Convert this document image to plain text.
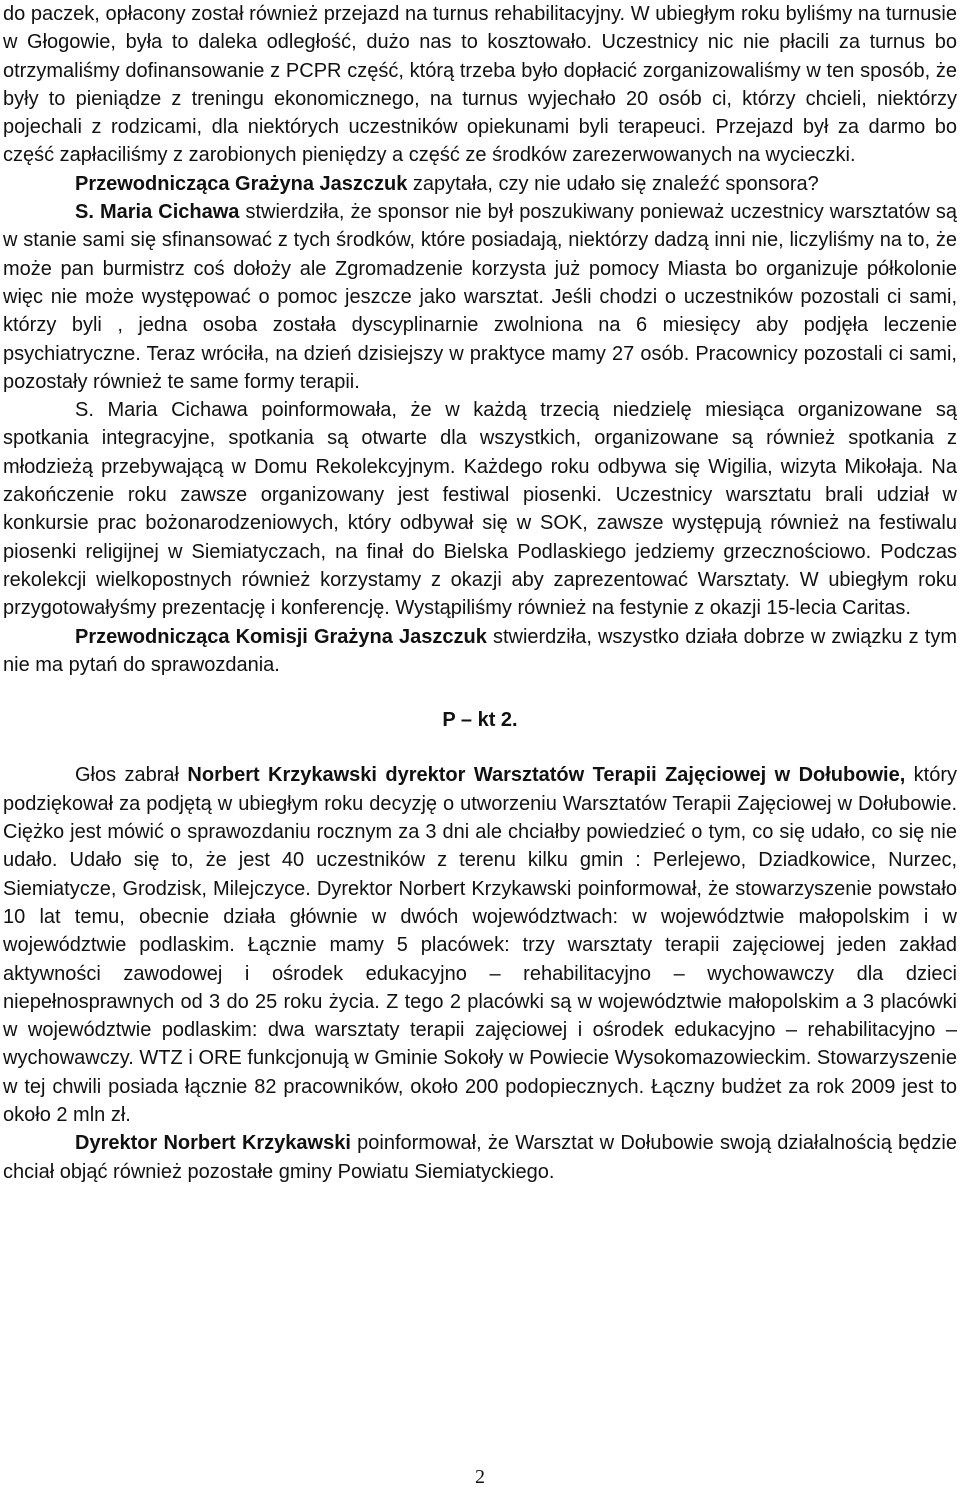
do paczek, opłacony został również przejazd na turnus rehabilitacyjny. W ubiegłym roku byliśmy na turnusie w Głogowie, była to daleka odległość, dużo nas to kosztowało. Uczestnicy nic nie płacili za turnus bo otrzymaliśmy dofinansowanie z PCPR część, którą trzeba było dopłacić zorganizowaliśmy w ten sposób, że były to pieniądze z treningu ekonomicznego, na turnus wyjechało 20 osób ci, którzy chcieli, niektórzy pojechali z rodzicami, dla niektórych uczestników opiekunami byli terapeuci. Przejazd był za darmo bo część zapłaciliśmy z zarobionych pieniędzy a część ze środków zarezerwowanych na wycieczki.

Przewodnicząca Grażyna Jaszczuk zapytała, czy nie udało się znaleźć sponsora?

S. Maria Cichawa stwierdziła, że sponsor nie był poszukiwany ponieważ uczestnicy warsztatów są w stanie sami się sfinansować z tych środków, które posiadają, niektórzy dadzą inni nie, liczyliśmy na to, że może pan burmistrz coś dołoży ale Zgromadzenie korzysta już pomocy Miasta bo organizuje półkolonie więc nie może występować o pomoc jeszcze jako warsztat. Jeśli chodzi o uczestników pozostali ci sami, którzy byli , jedna osoba została dyscyplinarnie zwolniona na 6 miesięcy aby podjęła leczenie psychiatryczne. Teraz wróciła, na dzień dzisiejszy w praktyce mamy 27 osób. Pracownicy pozostali ci sami, pozostały również te same formy terapii.

S. Maria Cichawa poinformowała, że w każdą trzecią niedzielę miesiąca organizowane są spotkania integracyjne, spotkania są otwarte dla wszystkich, organizowane są również spotkania z młodzieżą przebywającą w Domu Rekolekcyjnym. Każdego roku odbywa się Wigilia, wizyta Mikołaja. Na zakończenie roku zawsze organizowany jest festiwal piosenki. Uczestnicy warsztatu brali udział w konkursie prac bożonarodzeniowych, który odbywał się w SOK, zawsze występują również na festiwalu piosenki religijnej w Siemiatyczach, na finał do Bielska Podlaskiego jedziemy grzecznościowo. Podczas rekolekcji wielkopostnych również korzystamy z okazji aby zaprezentować Warsztaty. W ubiegłym roku przygotowałyśmy prezentację i konferencję. Wystąpiliśmy również na festynie z okazji 15-lecia Caritas.

Przewodnicząca Komisji Grażyna Jaszczuk stwierdziła, wszystko działa dobrze w związku z tym nie ma pytań do sprawozdania.

P – kt 2.

Głos zabrał Norbert Krzykawski dyrektor Warsztatów Terapii Zajęciowej w Dołubowie, który podziękował za podjętą w ubiegłym roku decyzję o utworzeniu Warsztatów Terapii Zajęciowej w Dołubowie. Ciężko jest mówić o sprawozdaniu rocznym za 3 dni ale chciałby powiedzieć o tym, co się udało, co się nie udało. Udało się to, że jest 40 uczestników z terenu kilku gmin : Perlejewo, Dziadkowice, Nurzec, Siemiatycze, Grodzisk, Milejczyce. Dyrektor Norbert Krzykawski poinformował, że stowarzyszenie powstało 10 lat temu, obecnie działa głównie w dwóch województwach: w województwie małopolskim i w województwie podlaskim. Łącznie mamy 5 placówek: trzy warsztaty terapii zajęciowej jeden zakład aktywności zawodowej i ośrodek edukacyjno – rehabilitacyjno – wychowawczy dla dzieci niepełnosprawnych od 3 do 25 roku życia. Z tego 2 placówki są w województwie małopolskim a 3 placówki w województwie podlaskim: dwa warsztaty terapii zajęciowej i ośrodek edukacyjno – rehabilitacyjno – wychowawczy. WTZ i ORE funkcjonują w Gminie Sokoły w Powiecie Wysokomazowieckim. Stowarzyszenie w tej chwili posiada łącznie 82 pracowników, około 200 podopiecznych. Łączny budżet za rok 2009 jest to około 2 mln zł.

Dyrektor Norbert Krzykawski poinformował, że Warsztat w Dołubowie swoją działalnością będzie chciał objąć również pozostałe gminy Powiatu Siemiatyckiego.

2
